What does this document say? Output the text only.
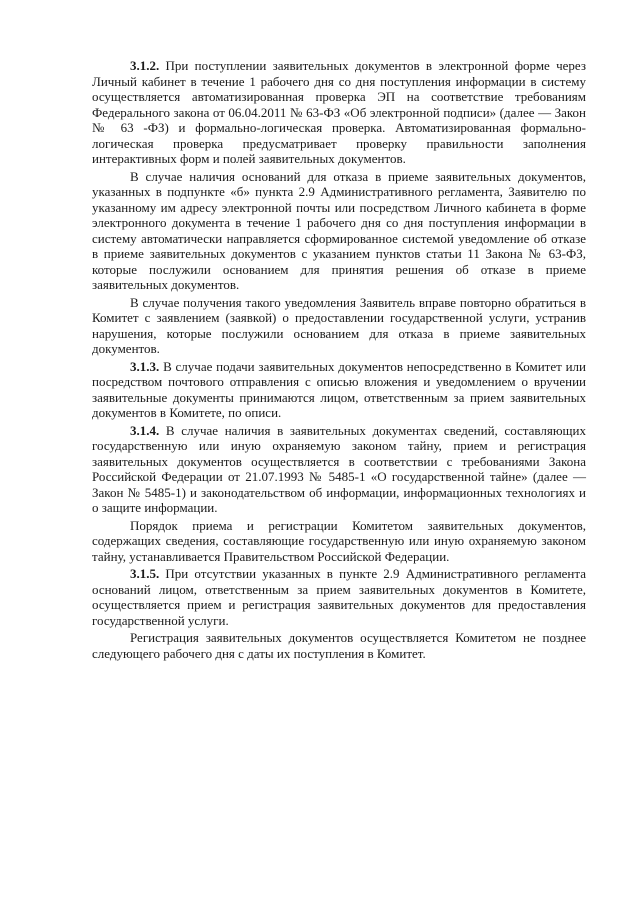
3.1.2. При поступлении заявительных документов в электронной форме через Личный кабинет в течение 1 рабочего дня со дня поступления информации в систему осуществляется автоматизированная проверка ЭП на соответствие требованиям Федерального закона от 06.04.2011 № 63-ФЗ «Об электронной подписи» (далее — Закон № 63 -ФЗ) и формально-логическая проверка. Автоматизированная формально-логическая проверка предусматривает проверку правильности заполнения интерактивных форм и полей заявительных документов.

В случае наличия оснований для отказа в приеме заявительных документов, указанных в подпункте «б» пункта 2.9 Административного регламента, Заявителю по указанному им адресу электронной почты или посредством Личного кабинета в форме электронного документа в течение 1 рабочего дня со дня поступления информации в систему автоматически направляется сформированное системой уведомление об отказе в приеме заявительных документов с указанием пунктов статьи 11 Закона № 63-ФЗ, которые послужили основанием для принятия решения об отказе в приеме заявительных документов.

В случае получения такого уведомления Заявитель вправе повторно обратиться в Комитет с заявлением (заявкой) о предоставлении государственной услуги, устранив нарушения, которые послужили основанием для отказа в приеме заявительных документов.

3.1.3. В случае подачи заявительных документов непосредственно в Комитет или посредством почтового отправления с описью вложения и уведомлением о вручении заявительные документы принимаются лицом, ответственным за прием заявительных документов в Комитете, по описи.

3.1.4. В случае наличия в заявительных документах сведений, составляющих государственную или иную охраняемую законом тайну, прием и регистрация заявительных документов осуществляется в соответствии с требованиями Закона Российской Федерации от 21.07.1993 № 5485-1 «О государственной тайне» (далее — Закон № 5485-1) и законодательством об информации, информационных технологиях и о защите информации.

Порядок приема и регистрации Комитетом заявительных документов, содержащих сведения, составляющие государственную или иную охраняемую законом тайну, устанавливается Правительством Российской Федерации.

3.1.5. При отсутствии указанных в пункте 2.9 Административного регламента оснований лицом, ответственным за прием заявительных документов в Комитете, осуществляется прием и регистрация заявительных документов для предоставления государственной услуги.

Регистрация заявительных документов осуществляется Комитетом не позднее следующего рабочего дня с даты их поступления в Комитет.
